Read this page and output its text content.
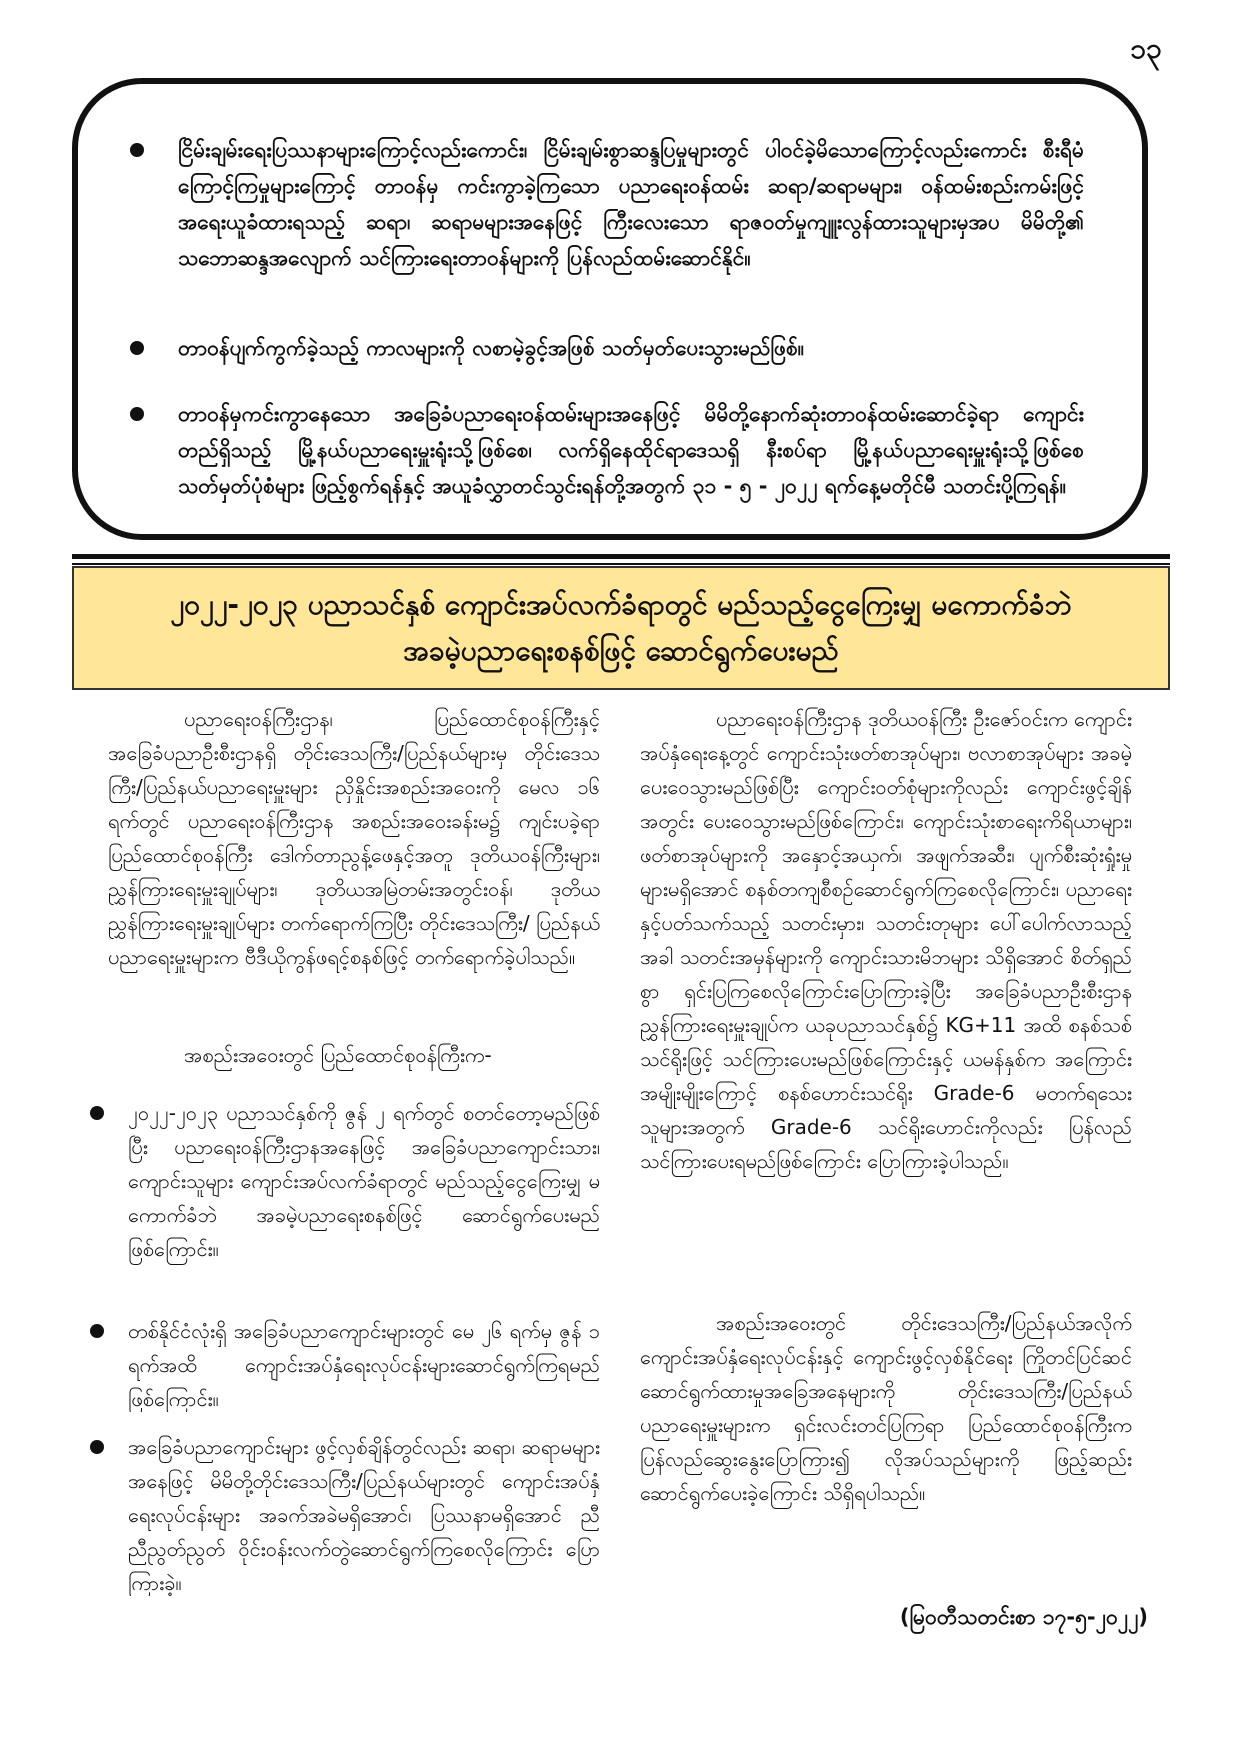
၁၃
ငြိမ်းချမ်းရေးပြဿနာများကြောင့်လည်းကောင်း၊ ငြိမ်းချမ်းစွာဆန္ဒပြမှုများတွင် ပါဝင်ခဲ့မိသောကြောင့်လည်းကောင်း စီးရီမံကြောင့်ကြမှုများကြောင့် တာဝန်မှ ကင်းကွာခဲ့ကြသော ပညာရေးဝန်ထမ်း ဆရာ/ဆရာမများ၊ ဝန်ထမ်းစည်းကမ်းဖြင့် အရေးယူခံထားရသည့် ဆရာ၊ ဆရာမများအနေဖြင့် ကြီးလေးသော ရာဇဝတ်မှုကျူးလွန်ထားသူများမှအပ မိမိတို့၏ သဘောဆန္ဒအလျောက် သင်ကြားရေးတာဝန်များကို ပြန်လည်ထမ်းဆောင်နိုင်။
တာဝန်ပျက်ကွက်ခဲ့သည့် ကာလများကို လစာမဲ့ခွင့်အဖြစ် သတ်မှတ်ပေးသွားမည်ဖြစ်။
တာဝန်မှကင်းကွာနေသော အခြေခံပညာရေးဝန်ထမ်းများအနေဖြင့် မိမိတို့နောက်ဆုံးတာဝန်ထမ်းဆောင်ခဲ့ရာ ကျောင်းတည်ရှိသည့် မြို့နယ်ပညာရေးမှူးရုံးသို့ဖြစ်စေ၊ လက်ရှိနေထိုင်ရာဒေသရှိ နီးစပ်ရာ မြို့နယ်ပညာရေးမှူးရုံးသို့ဖြစ်စေ သတ်မှတ်ပုံစံများ ဖြည့်စွက်ရန်နှင့် အယူခံလွှာတင်သွင်းရန်တို့အတွက် ၃၁ - ၅ - ၂၀၂၂ ရက်နေ့မတိုင်မီ သတင်းပို့ကြရန်။
၂၀၂၂-၂၀၂၃ ပညာသင်နှစ် ကျောင်းအပ်လက်ခံရာတွင် မည်သည့်ငွေကြေးမျှ မကောက်ခံဘဲ
အခမဲ့ပညာရေးစနစ်ဖြင့် ဆောင်ရွက်ပေးမည်

ပညာရေးဝန်ကြီးဌာန၊ ပြည်ထောင်စုဝန်ကြီးနှင့် အခြေခံပညာဦးစီးဌာနရှိ တိုင်းဒေသကြီး/ပြည်နယ်များမှ တိုင်းဒေသကြီး/ပြည်နယ်ပညာရေးမှူးများ ညှိနှိုင်းအစည်းအဝေးကို မေလ ၁၆ ရက်တွင် ပညာရေးဝန်ကြီးဌာန အစည်းအဝေးခန်းမ၌ ကျင်းပခဲ့ရာ ပြည်ထောင်စုဝန်ကြီး ဒေါက်တာညွန့်ဖေနှင့်အတူ ဒုတိယဝန်ကြီးများ၊ ညွှန်ကြားရေးမှူးချုပ်များ၊ ဒုတိယအမြဲတမ်းအတွင်းဝန်၊ ဒုတိယညွှန်ကြားရေးမှူးချုပ်များ တက်ရောက်ကြပြီး တိုင်းဒေသကြီး/ ပြည်နယ် ပညာရေးမှူးများက ဗီဒီယိုကွန်ဖရင့်စနစ်ဖြင့် တက်ရောက်ခဲ့ပါသည်။

အစည်းအဝေးတွင် ပြည်ထောင်စုဝန်ကြီးက-

၂၀၂၂-၂၀၂၃ ပညာသင်နှစ်ကို ဇွန် ၂ ရက်တွင် စတင်တော့မည်ဖြစ်ပြီး ပညာရေးဝန်ကြီးဌာနအနေဖြင့် အခြေခံပညာကျောင်းသား၊ ကျောင်းသူများ ကျောင်းအပ်လက်ခံရာတွင် မည်သည့်ငွေကြေးမျှ မကောက်ခံဘဲ အခမဲ့ပညာရေးစနစ်ဖြင့် ဆောင်ရွက်ပေးမည်ဖြစ်ကြောင်း။
တစ်နိုင်ငံလုံးရှိ အခြေခံပညာကျောင်းများတွင် မေ ၂၆ ရက်မှ ဇွန် ၁ ရက်အထိ ကျောင်းအပ်နှံရေးလုပ်ငန်းများဆောင်ရွက်ကြရမည်ဖြစ်ကြောင်း။
အခြေခံပညာကျောင်းများ ဖွင့်လှစ်ချိန်တွင်လည်း ဆရာ၊ ဆရာမများအနေဖြင့် မိမိတို့တိုင်းဒေသကြီး/ပြည်နယ်များတွင် ကျောင်းအပ်နှံရေးလုပ်ငန်းများ အခက်အခဲမရှိအောင်၊ ပြဿနာမရှိအောင် ညီညီညွတ်ညွတ် ဝိုင်းဝန်းလက်တွဲဆောင်ရွက်ကြစေလိုကြောင်း ပြောကြားခဲ့။

ပညာရေးဝန်ကြီးဌာန ဒုတိယဝန်ကြီး ဦးဇော်ဝင်းက ကျောင်းအပ်နှံရေးနေ့တွင် ကျောင်းသုံးဖတ်စာအုပ်များ၊ ဗလာစာအုပ်များ အခမဲ့ပေးဝေသွားမည်ဖြစ်ပြီး ကျောင်းဝတ်စုံများကိုလည်း ကျောင်းဖွင့်ချိန်အတွင်း ပေးဝေသွားမည်ဖြစ်ကြောင်း၊ ကျောင်းသုံးစာရေးကိရိယာများ၊ ဖတ်စာအုပ်များကို အနှောင့်အယှက်၊ အဖျက်အဆီး၊ ပျက်စီးဆုံးရှုံးမှုများမရှိအောင် စနစ်တကျစီစဉ်ဆောင်ရွက်ကြစေလိုကြောင်း၊ ပညာရေးနှင့်ပတ်သက်သည့် သတင်းမှား၊ သတင်းတုများ ပေါ်ပေါက်လာသည့်အခါ သတင်းအမှန်များကို ကျောင်းသားမိဘများ သိရှိအောင် စိတ်ရှည်စွာ ရှင်းပြကြစေလိုကြောင်းပြောကြားခဲ့ပြီး အခြေခံပညာဦးစီးဌာန ညွှန်ကြားရေးမှူးချုပ်က ယခုပညာသင်နှစ်၌ KG+11 အထိ စနစ်သစ်သင်ရိုးဖြင့် သင်ကြားပေးမည်ဖြစ်ကြောင်းနှင့် ယမန်နှစ်က အကြောင်းအမျိုးမျိုးကြောင့် စနစ်ဟောင်းသင်ရိုး Grade-6 မတက်ရသေးသူများအတွက် Grade-6 သင်ရိုးဟောင်းကိုလည်း ပြန်လည်သင်ကြားပေးရမည်ဖြစ်ကြောင်း ပြောကြားခဲ့ပါသည်။

အစည်းအဝေးတွင် တိုင်းဒေသကြီး/ပြည်နယ်အလိုက် ကျောင်းအပ်နှံရေးလုပ်ငန်းနှင့် ကျောင်းဖွင့်လှစ်နိုင်ရေး ကြိုတင်ပြင်ဆင်ဆောင်ရွက်ထားမှုအခြေအနေများကို တိုင်းဒေသကြီး/ပြည်နယ်ပညာရေးမှူးများက ရှင်းလင်းတင်ပြကြရာ ပြည်ထောင်စုဝန်ကြီးက ပြန်လည်ဆွေးနွေးပြောကြား၍ လိုအပ်သည်များကို ဖြည့်ဆည်းဆောင်ရွက်ပေးခဲ့ကြောင်း သိရှိရပါသည်။

(မြဝတီသတင်းစာ ၁၇-၅-၂၀၂၂)
